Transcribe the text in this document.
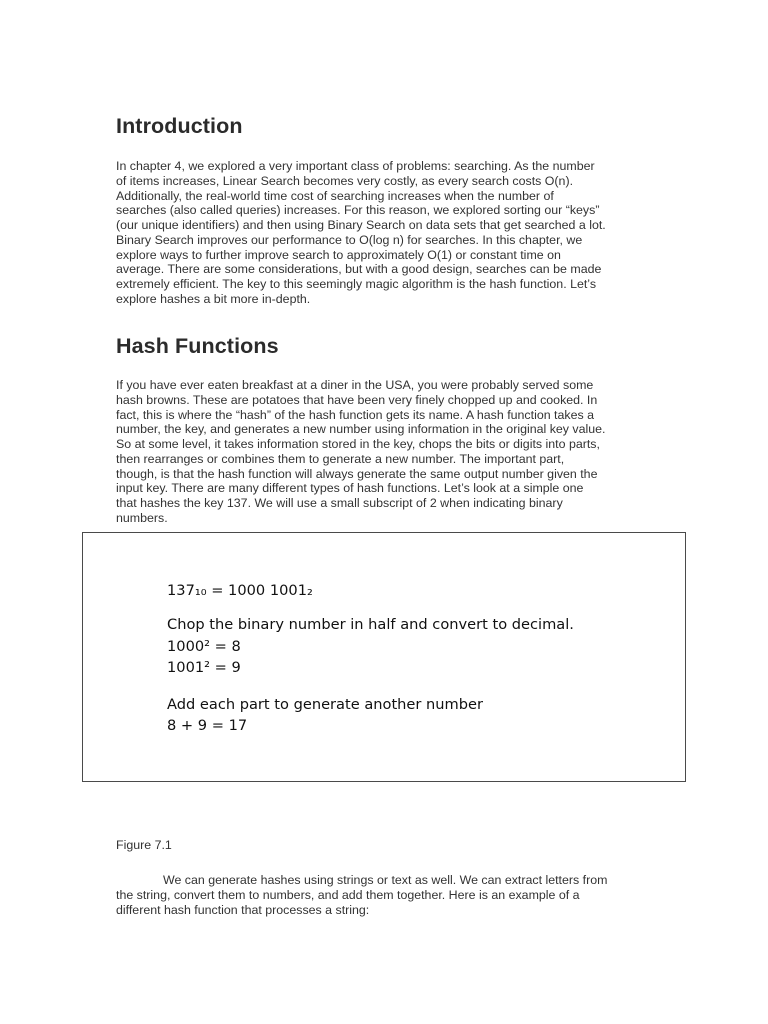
Introduction
In chapter 4, we explored a very important class of problems: searching. As the number
of items increases, Linear Search becomes very costly, as every search costs O(n).
Additionally, the real-world time cost of searching increases when the number of
searches (also called queries) increases. For this reason, we explored sorting our “keys”
(our unique identifiers) and then using Binary Search on data sets that get searched a lot.
Binary Search improves our performance to O(log n) for searches. In this chapter, we
explore ways to further improve search to approximately O(1) or constant time on
average. There are some considerations, but with a good design, searches can be made
extremely efficient. The key to this seemingly magic algorithm is the hash function. Let’s
explore hashes a bit more in-depth.
Hash Functions
If you have ever eaten breakfast at a diner in the USA, you were probably served some
hash browns. These are potatoes that have been very finely chopped up and cooked. In
fact, this is where the “hash” of the hash function gets its name. A hash function takes a
number, the key, and generates a new number using information in the original key value.
So at some level, it takes information stored in the key, chops the bits or digits into parts,
then rearranges or combines them to generate a new number. The important part,
though, is that the hash function will always generate the same output number given the
input key. There are many different types of hash functions. Let’s look at a simple one
that hashes the key 137. We will use a small subscript of 2 when indicating binary
numbers.

137₁₀ = 1000 1001₂

Chop the binary number in half and convert to decimal.

1000² = 8

1001² = 9

Add each part to generate another number

8 + 9 = 17

Figure 7.1

We can generate hashes using strings or text as well. We can extract letters from
the string, convert them to numbers, and add them together. Here is an example of a
different hash function that processes a string:
